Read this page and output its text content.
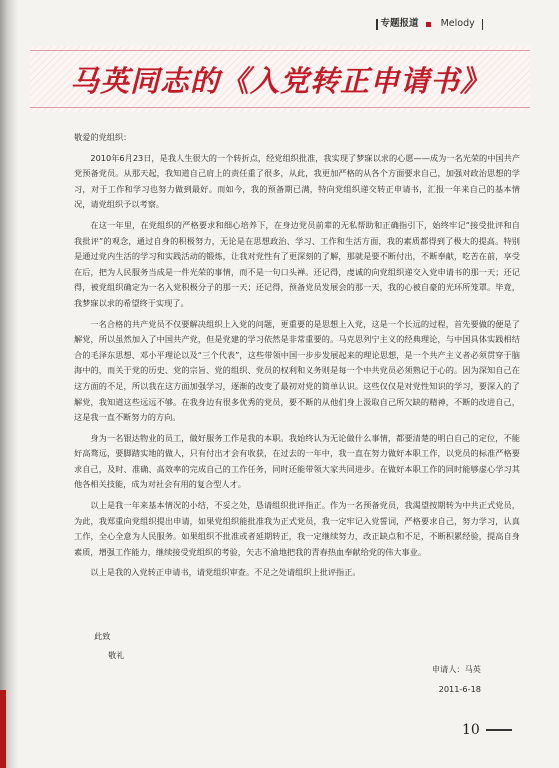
专题报道 Melody
马英同志的《入党转正申请书》

敬爱的党组织：

2010年6月23日，是我人生很大的一个转折点，经党组织批准，我实现了梦寐以求的心愿——成为一名光荣的中国共产党预备党员。从那天起，我知道自己肩上的责任重了很多，从此，我更加严格的从各个方面要求自己，加强对政治思想的学习，对于工作和学习也努力做到最好。而如今，我的预备期已满，特向党组织递交转正申请书，汇报一年来自己的基本情况，请党组织予以考察。

在这一年里，在党组织的严格要求和细心培养下，在身边党员前辈的无私帮助和正确指引下，始终牢记“接受批评和自我批评”的观念，通过自身的积极努力，无论是在思想政治、学习、工作和生活方面，我的素质都得到了极大的提高。特别是通过党内生活的学习和实践活动的锻炼，让我对党性有了更深刻的了解，那就是要不断付出，不断奉献，吃苦在前，享受在后，把为人民服务当成是一件光荣的事情，而不是一句口头禅。还记得，虔诚的向党组织递交入党申请书的那一天；还记得，被党组织确定为一名入党积极分子的那一天；还记得，预备党员发展会的那一天，我的心被自豪的光环所笼罩。毕竟，我梦寐以求的希望终于实现了。

一名合格的共产党员不仅要解决组织上入党的问题，更重要的是思想上入党，这是一个长远的过程，首先要做的便是了解党，所以虽然加入了中国共产党，但是党建的学习依然是非常重要的。马克思列宁主义的经典理论，与中国具体实践相结合的毛泽东思想、邓小平理论以及“三个代表”，这些带领中国一步步发展起来的理论思想，是一个共产主义者必须贯穿于脑海中的，而关于党的历史、党的宗旨、党的组织、党员的权利和义务则是每一个中共党员必须熟记于心的。因为深知自己在这方面的不足，所以我在这方面加强学习，逐渐的改变了最初对党的简单认识。这些仅仅是对党性知识的学习，要深入的了解党，我知道这些远远不够。在我身边有很多优秀的党员，要不断的从他们身上汲取自己所欠缺的精神，不断的改进自己，这是我一直不断努力的方向。

身为一名银达物业的员工，做好服务工作是我的本职。我始终认为无论做什么事情，都要清楚的明白自己的定位，不能好高骛远，要脚踏实地的做人，只有付出才会有收获，在过去的一年中，我一直在努力做好本职工作，以党员的标准严格要求自己，及时、准确、高效率的完成自己的工作任务，同时还能带领大家共同进步。在做好本职工作的同时能够虚心学习其他各相关技能，成为对社会有用的复合型人才。

以上是我一年来基本情况的小结，不妥之处，恳请组织批评指正。作为一名预备党员，我渴望按期转为中共正式党员，为此，我郑重向党组织提出申请，如果党组织能批准我为正式党员，我一定牢记入党誓词，严格要求自己，努力学习，认真工作，全心全意为人民服务。如果组织不批准或者延期转正，我一定继续努力，改正缺点和不足，不断积累经验，提高自身素质，增强工作能力，继续接受党组织的考验，矢志不渝地把我的青春热血奉献给党的伟大事业。

以上是我的入党转正申请书，请党组织审查。不足之处请组织上批评指正。

此致
敬礼
申请人：马英
2011-6-18
10
